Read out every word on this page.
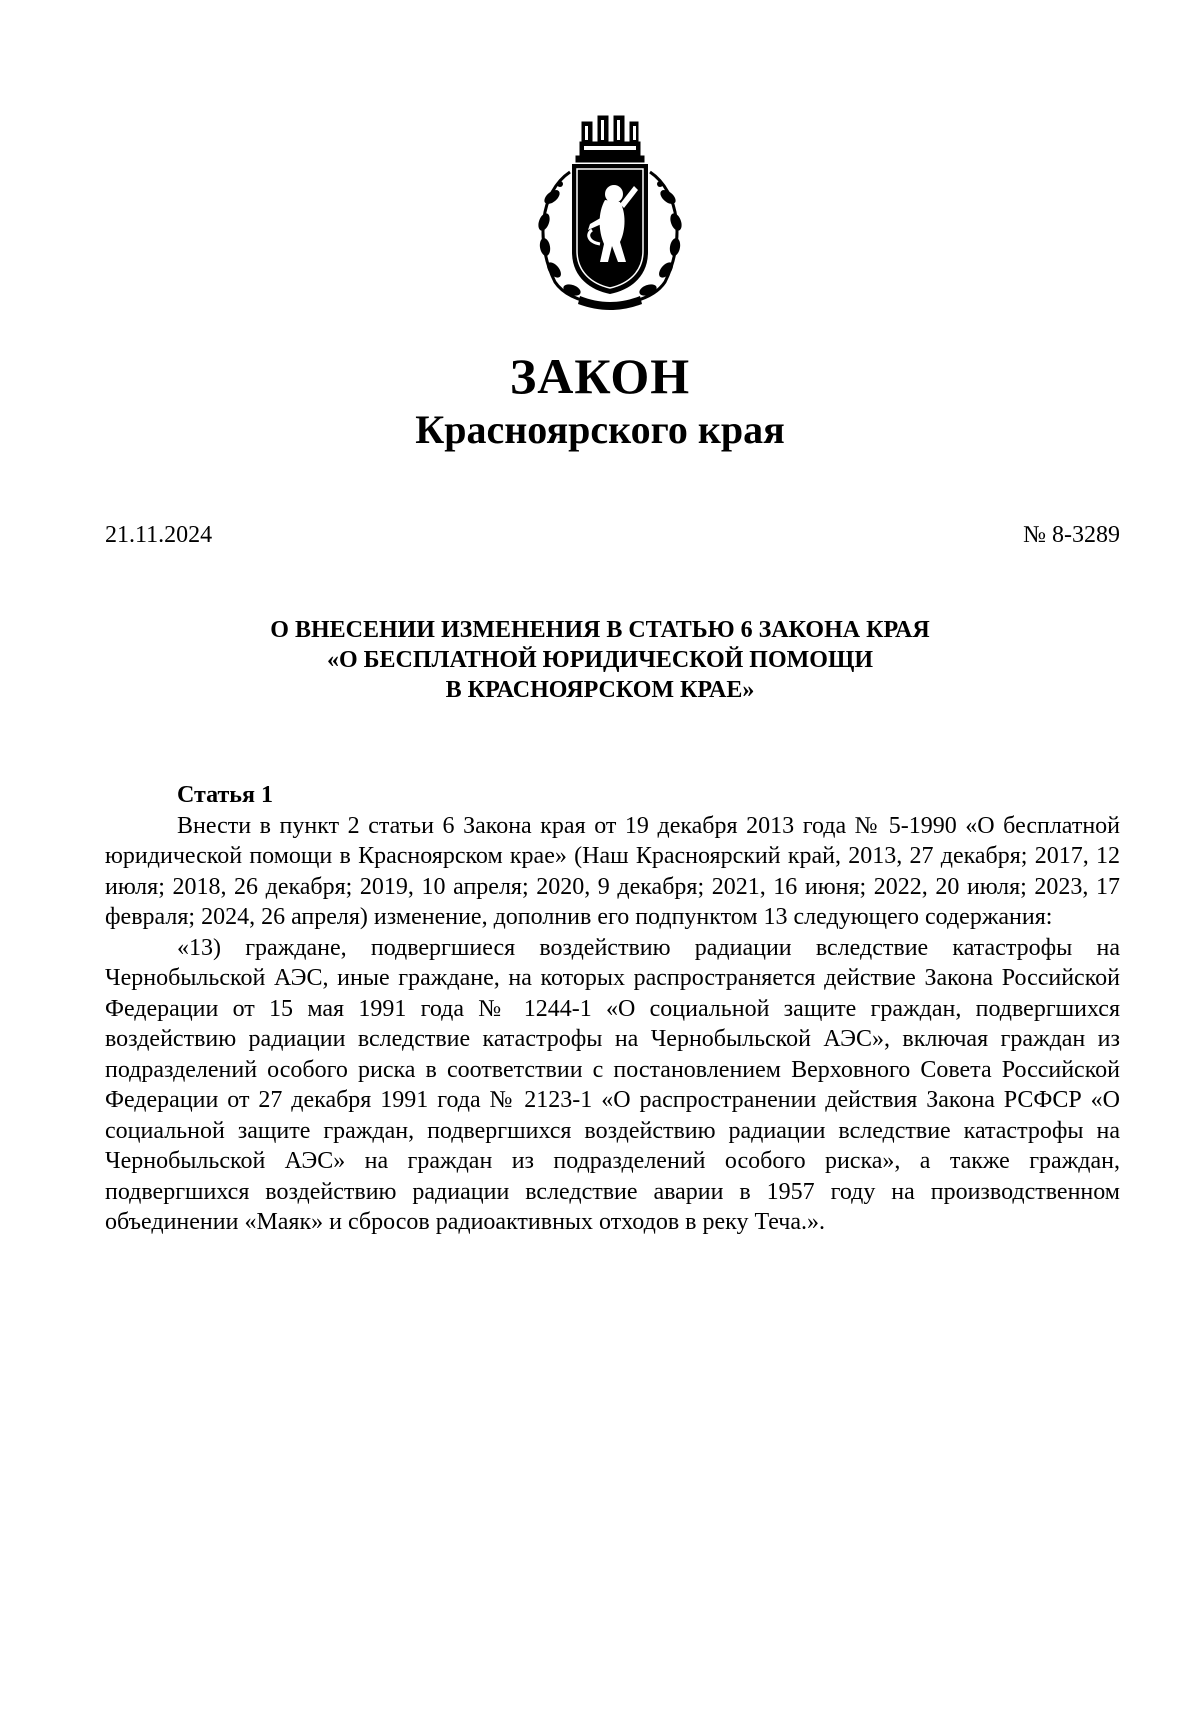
ЗАКОН
Красноярского края
21.11.2024	№ 8-3289
О ВНЕСЕНИИ ИЗМЕНЕНИЯ В СТАТЬЮ 6 ЗАКОНА КРАЯ
«О БЕСПЛАТНОЙ ЮРИДИЧЕСКОЙ ПОМОЩИ
В КРАСНОЯРСКОМ КРАЕ»
Статья 1

Внести в пункт 2 статьи 6 Закона края от 19 декабря 2013 года № 5-1990 «О бесплатной юридической помощи в Красноярском крае» (Наш Красноярский край, 2013, 27 декабря; 2017, 12 июля; 2018, 26 декабря; 2019, 10 апреля; 2020, 9 декабря; 2021, 16 июня; 2022, 20 июля; 2023, 17 февраля; 2024, 26 апреля) изменение, дополнив его подпунктом 13 следующего содержания:

«13) граждане, подвергшиеся воздействию радиации вследствие катастрофы на Чернобыльской АЭС, иные граждане, на которых распространяется действие Закона Российской Федерации от 15 мая 1991 года № 1244-1 «О социальной защите граждан, подвергшихся воздействию радиации вследствие катастрофы на Чернобыльской АЭС», включая граждан из подразделений особого риска в соответствии с постановлением Верховного Совета Российской Федерации от 27 декабря 1991 года № 2123-1 «О распространении действия Закона РСФСР «О социальной защите граждан, подвергшихся воздействию радиации вследствие катастрофы на Чернобыльской АЭС» на граждан из подразделений особого риска», а также граждан, подвергшихся воздействию радиации вследствие аварии в 1957 году на производственном объединении «Маяк» и сбросов радиоактивных отходов в реку Теча.».
